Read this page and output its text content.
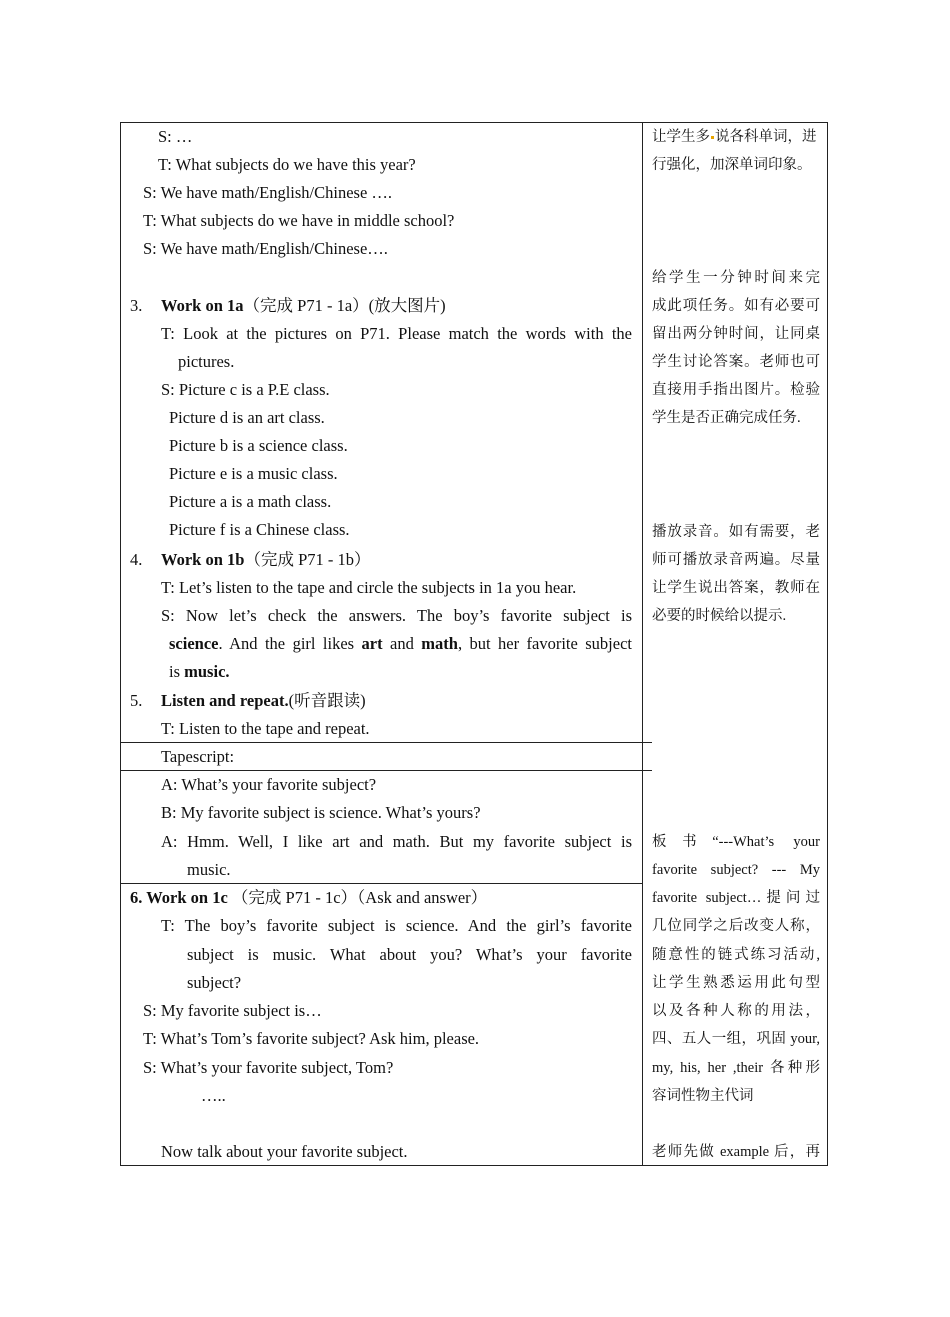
S: …
T: What subjects do we have this year?
S: We have math/English/Chinese ….
T: What subjects do we have in middle school?
S: We have math/English/Chinese….
3. Work on 1a（完成 P71 - 1a）(放大图片)
T: Look at the pictures on P71. Please match the words with the
pictures.
S: Picture c is a P.E class.
Picture d is an art class.
Picture b is a science class.
Picture e is a music class.
Picture a is a math class.
Picture f is a Chinese class.
4. Work on 1b（完成 P71 - 1b）
T: Let’s listen to the tape and circle the subjects in 1a you hear.
S: Now let’s check the answers. The boy’s favorite subject is
science. And the girl likes art and math, but her favorite subject
is music.
5. Listen and repeat.(听音跟读)
T: Listen to the tape and repeat.
Tapescript:
A: What’s your favorite subject?
B: My favorite subject is science. What’s yours?
A: Hmm. Well, I like art and math. But my favorite subject is
music.
6. Work on 1c （完成 P71 - 1c）（Ask and answer）
T: The boy’s favorite subject is science. And the girl’s favorite
subject is music. What about you? What’s your favorite
subject?
S: My favorite subject is…
T: What’s Tom’s favorite subject? Ask him, please.
S: What’s your favorite subject, Tom?
…..
Now talk about your favorite subject.
让学生多 说各科单词，进
行强化，加深单词印象。
给学生一分钟时间来完
成此项任务。如有必要可
留出两分钟时间，让同桌
学生讨论答案。老师也可
直接用手指出图片。检验
学生是否正确完成任务.
播放录音。如有需要，老
师可播放录音两遍。尽量
让学生说出答案，教师在
必要的时候给以提示.
板书“---What’s your
favorite subject? --- My
favorite subject…提问过
几位同学之后改变人称，
随意性的链式练习活动,
让学生熟悉运用此句型
以及各种人称的用法，
四、五人一组，巩固 your,
my, his, her ,their 各种形
容词性物主代词
老师先做 example 后，再
